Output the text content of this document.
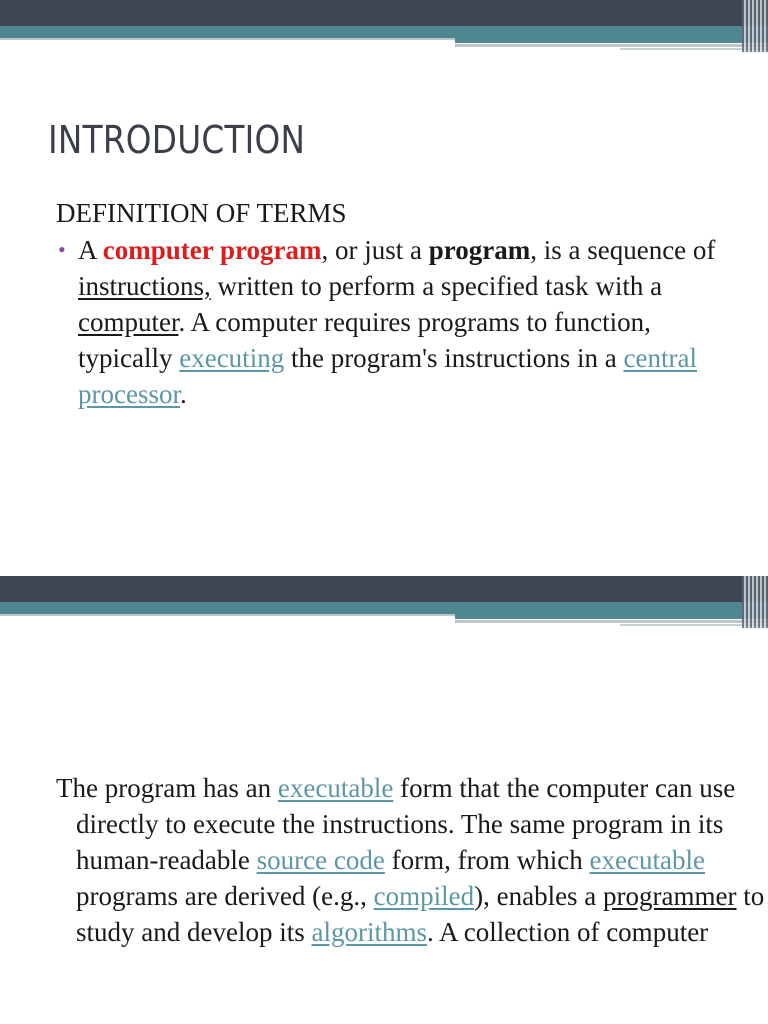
INTRODUCTION
DEFINITION OF TERMS
• A computer program, or just a program, is a sequence of instructions, written to perform a specified task with a computer. A computer requires programs to function, typically executing the program's instructions in a central processor.
The program has an executable form that the computer can use directly to execute the instructions. The same program in its human-readable source code form, from which executable programs are derived (e.g., compiled), enables a programmer to study and develop its algorithms. A collection of computer
